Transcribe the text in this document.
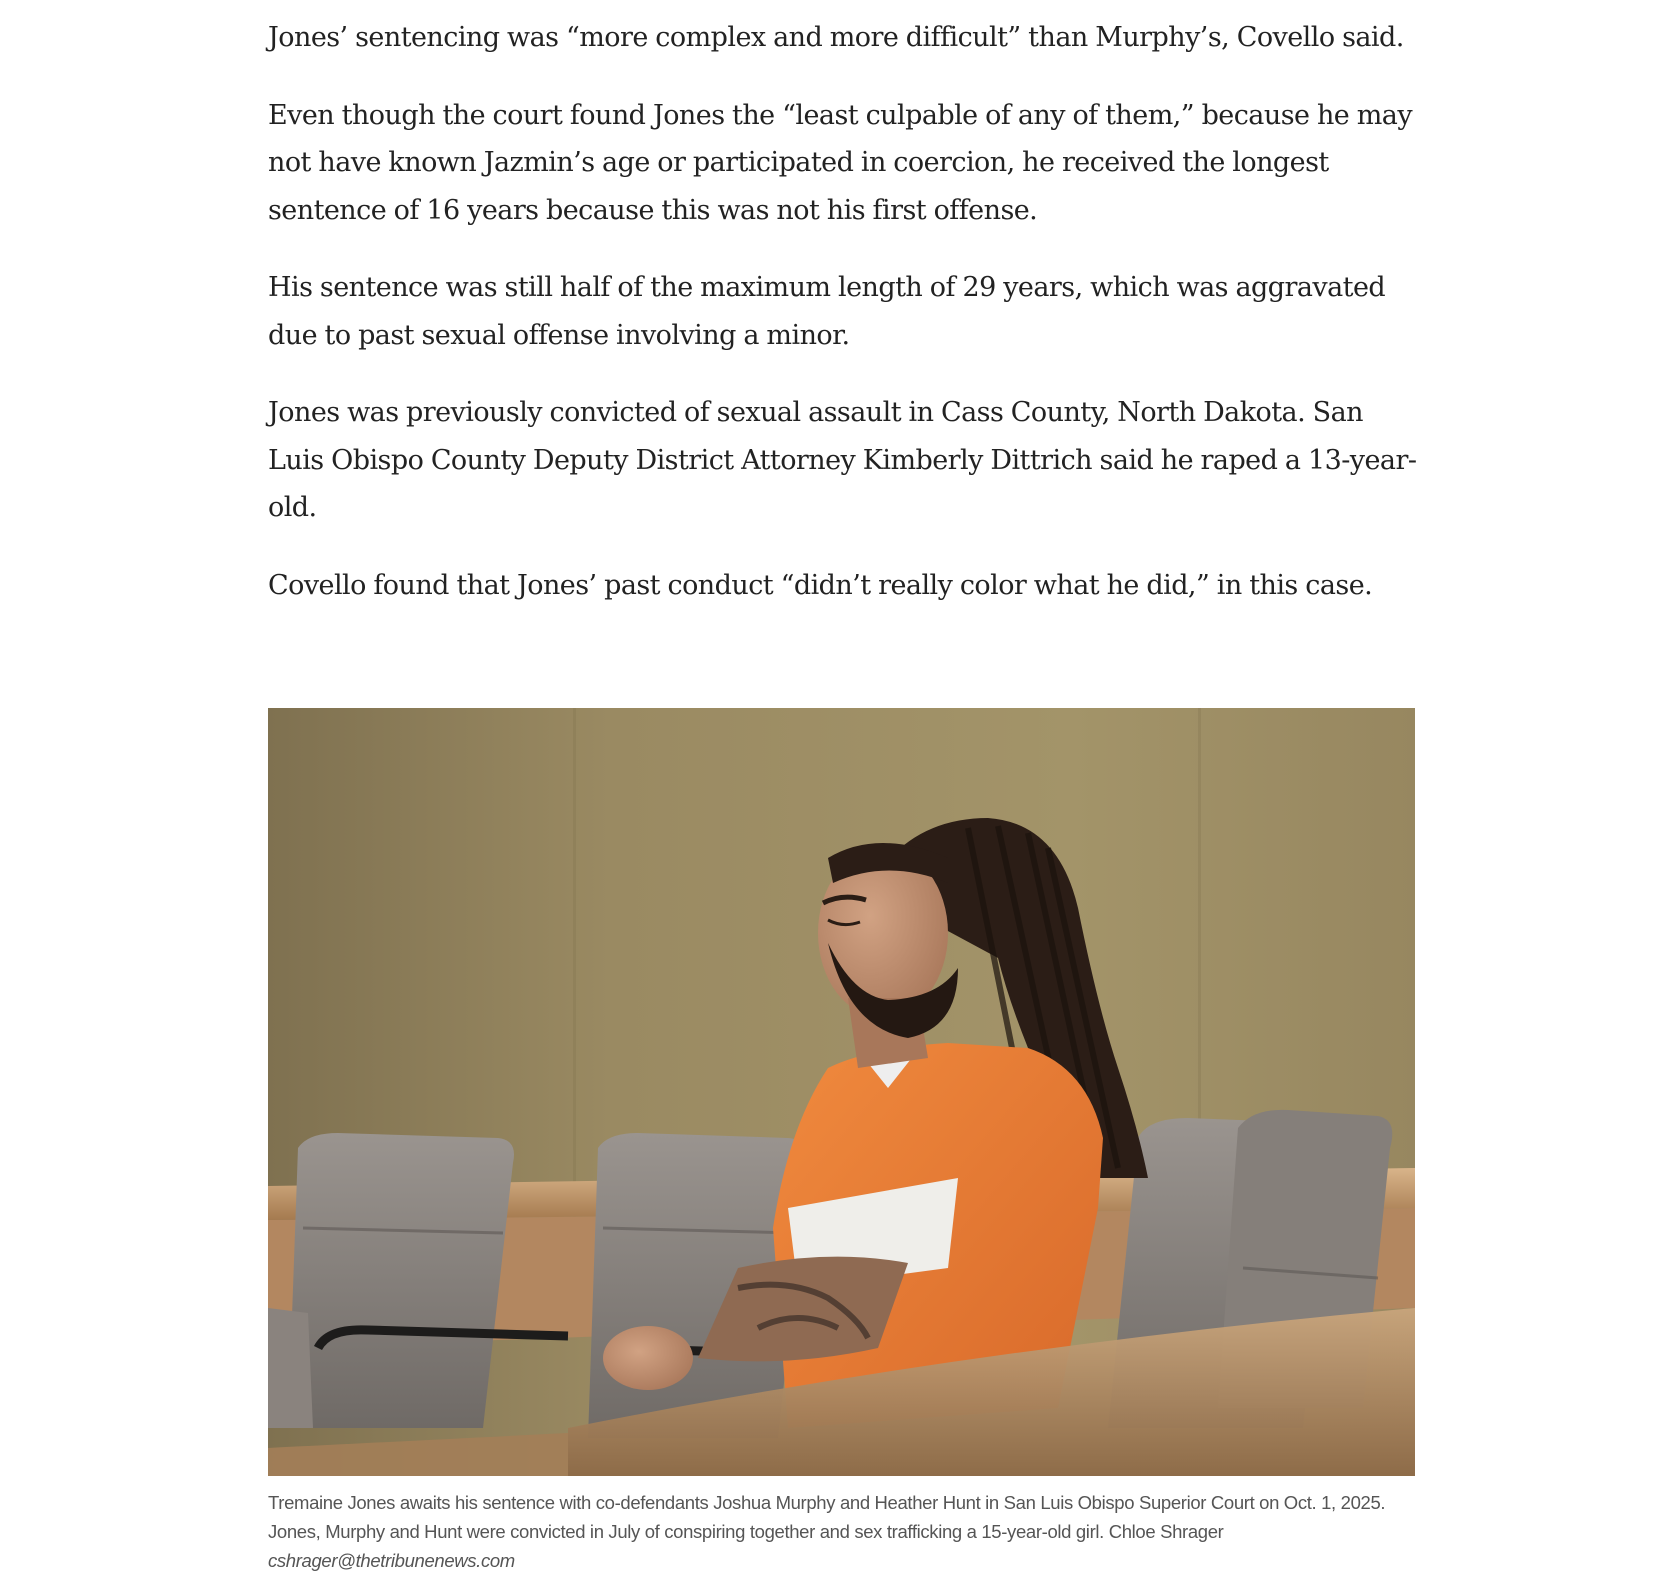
Jones’ sentencing was “more complex and more difficult” than Murphy’s, Covello said.

Even though the court found Jones the “least culpable of any of them,” because he may not have known Jazmin’s age or participated in coercion, he received the longest sentence of 16 years because this was not his first offense.

His sentence was still half of the maximum length of 29 years, which was aggravated due to past sexual offense involving a minor.

Jones was previously convicted of sexual assault in Cass County, North Dakota. San Luis Obispo County Deputy District Attorney Kimberly Dittrich said he raped a 13-year-old.

Covello found that Jones’ past conduct “didn’t really color what he did,” in this case.

Tremaine Jones awaits his sentence with co-defendants Joshua Murphy and Heather Hunt in San Luis Obispo Superior Court on Oct. 1, 2025. Jones, Murphy and Hunt were convicted in July of conspiring together and sex trafficking a 15-year-old girl. Chloe Shrager cshrager@thetribunenews.com
